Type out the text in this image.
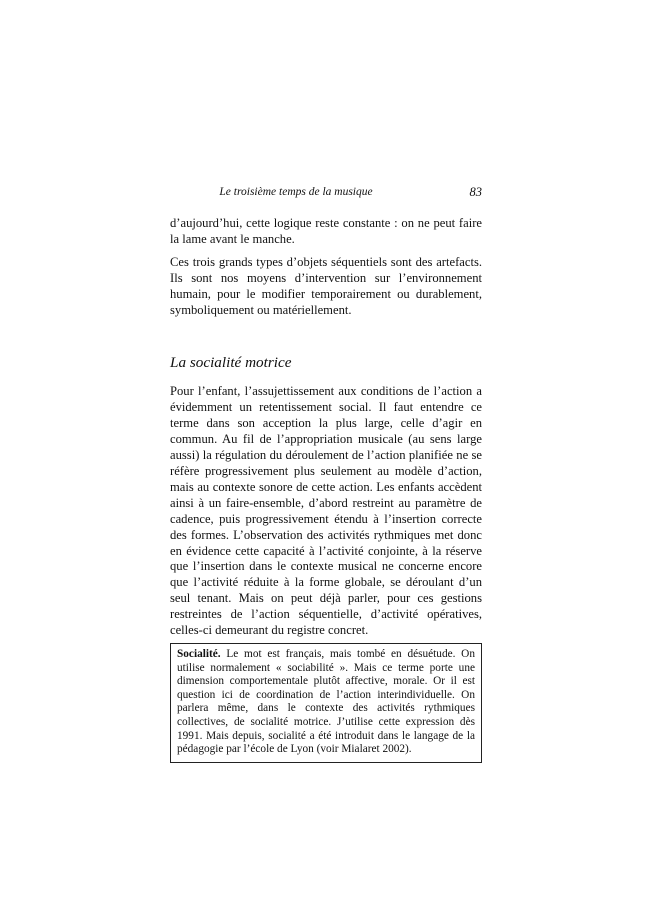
Le troisième temps de la musique	83

d’aujourd’hui, cette logique reste constante : on ne peut faire la lame avant le manche.

Ces trois grands types d’objets séquentiels sont des artefacts. Ils sont nos moyens d’intervention sur l’environnement humain, pour le modifier temporairement ou durablement, symboliquement ou matériellement.

La socialité motrice

Pour l’enfant, l’assujettissement aux conditions de l’action a évidemment un retentissement social. Il faut entendre ce terme dans son acception la plus large, celle d’agir en commun. Au fil de l’appropriation musicale (au sens large aussi) la régulation du déroulement de l’action planifiée ne se réfère progressivement plus seulement au modèle d’action, mais au contexte sonore de cette action. Les enfants accèdent ainsi à un faire-ensemble, d’abord restreint au paramètre de cadence, puis progressivement étendu à l’insertion correcte des formes. L’observation des activités rythmiques met donc en évidence cette capacité à l’activité conjointe, à la réserve que l’insertion dans le contexte musical ne concerne encore que l’activité réduite à la forme globale, se déroulant d’un seul tenant. Mais on peut déjà parler, pour ces gestions restreintes de l’action séquentielle, d’activité opératives, celles-ci demeurant du registre concret.

Socialité. Le mot est français, mais tombé en désuétude. On utilise normalement « sociabilité ». Mais ce terme porte une dimension comportementale plutôt affective, morale. Or il est question ici de coordination de l’action interindividuelle. On parlera même, dans le contexte des activités rythmiques collectives, de socialité motrice. J’utilise cette expression dès 1991. Mais depuis, socialité a été introduit dans le langage de la pédagogie par l’école de Lyon (voir Mialaret 2002).
